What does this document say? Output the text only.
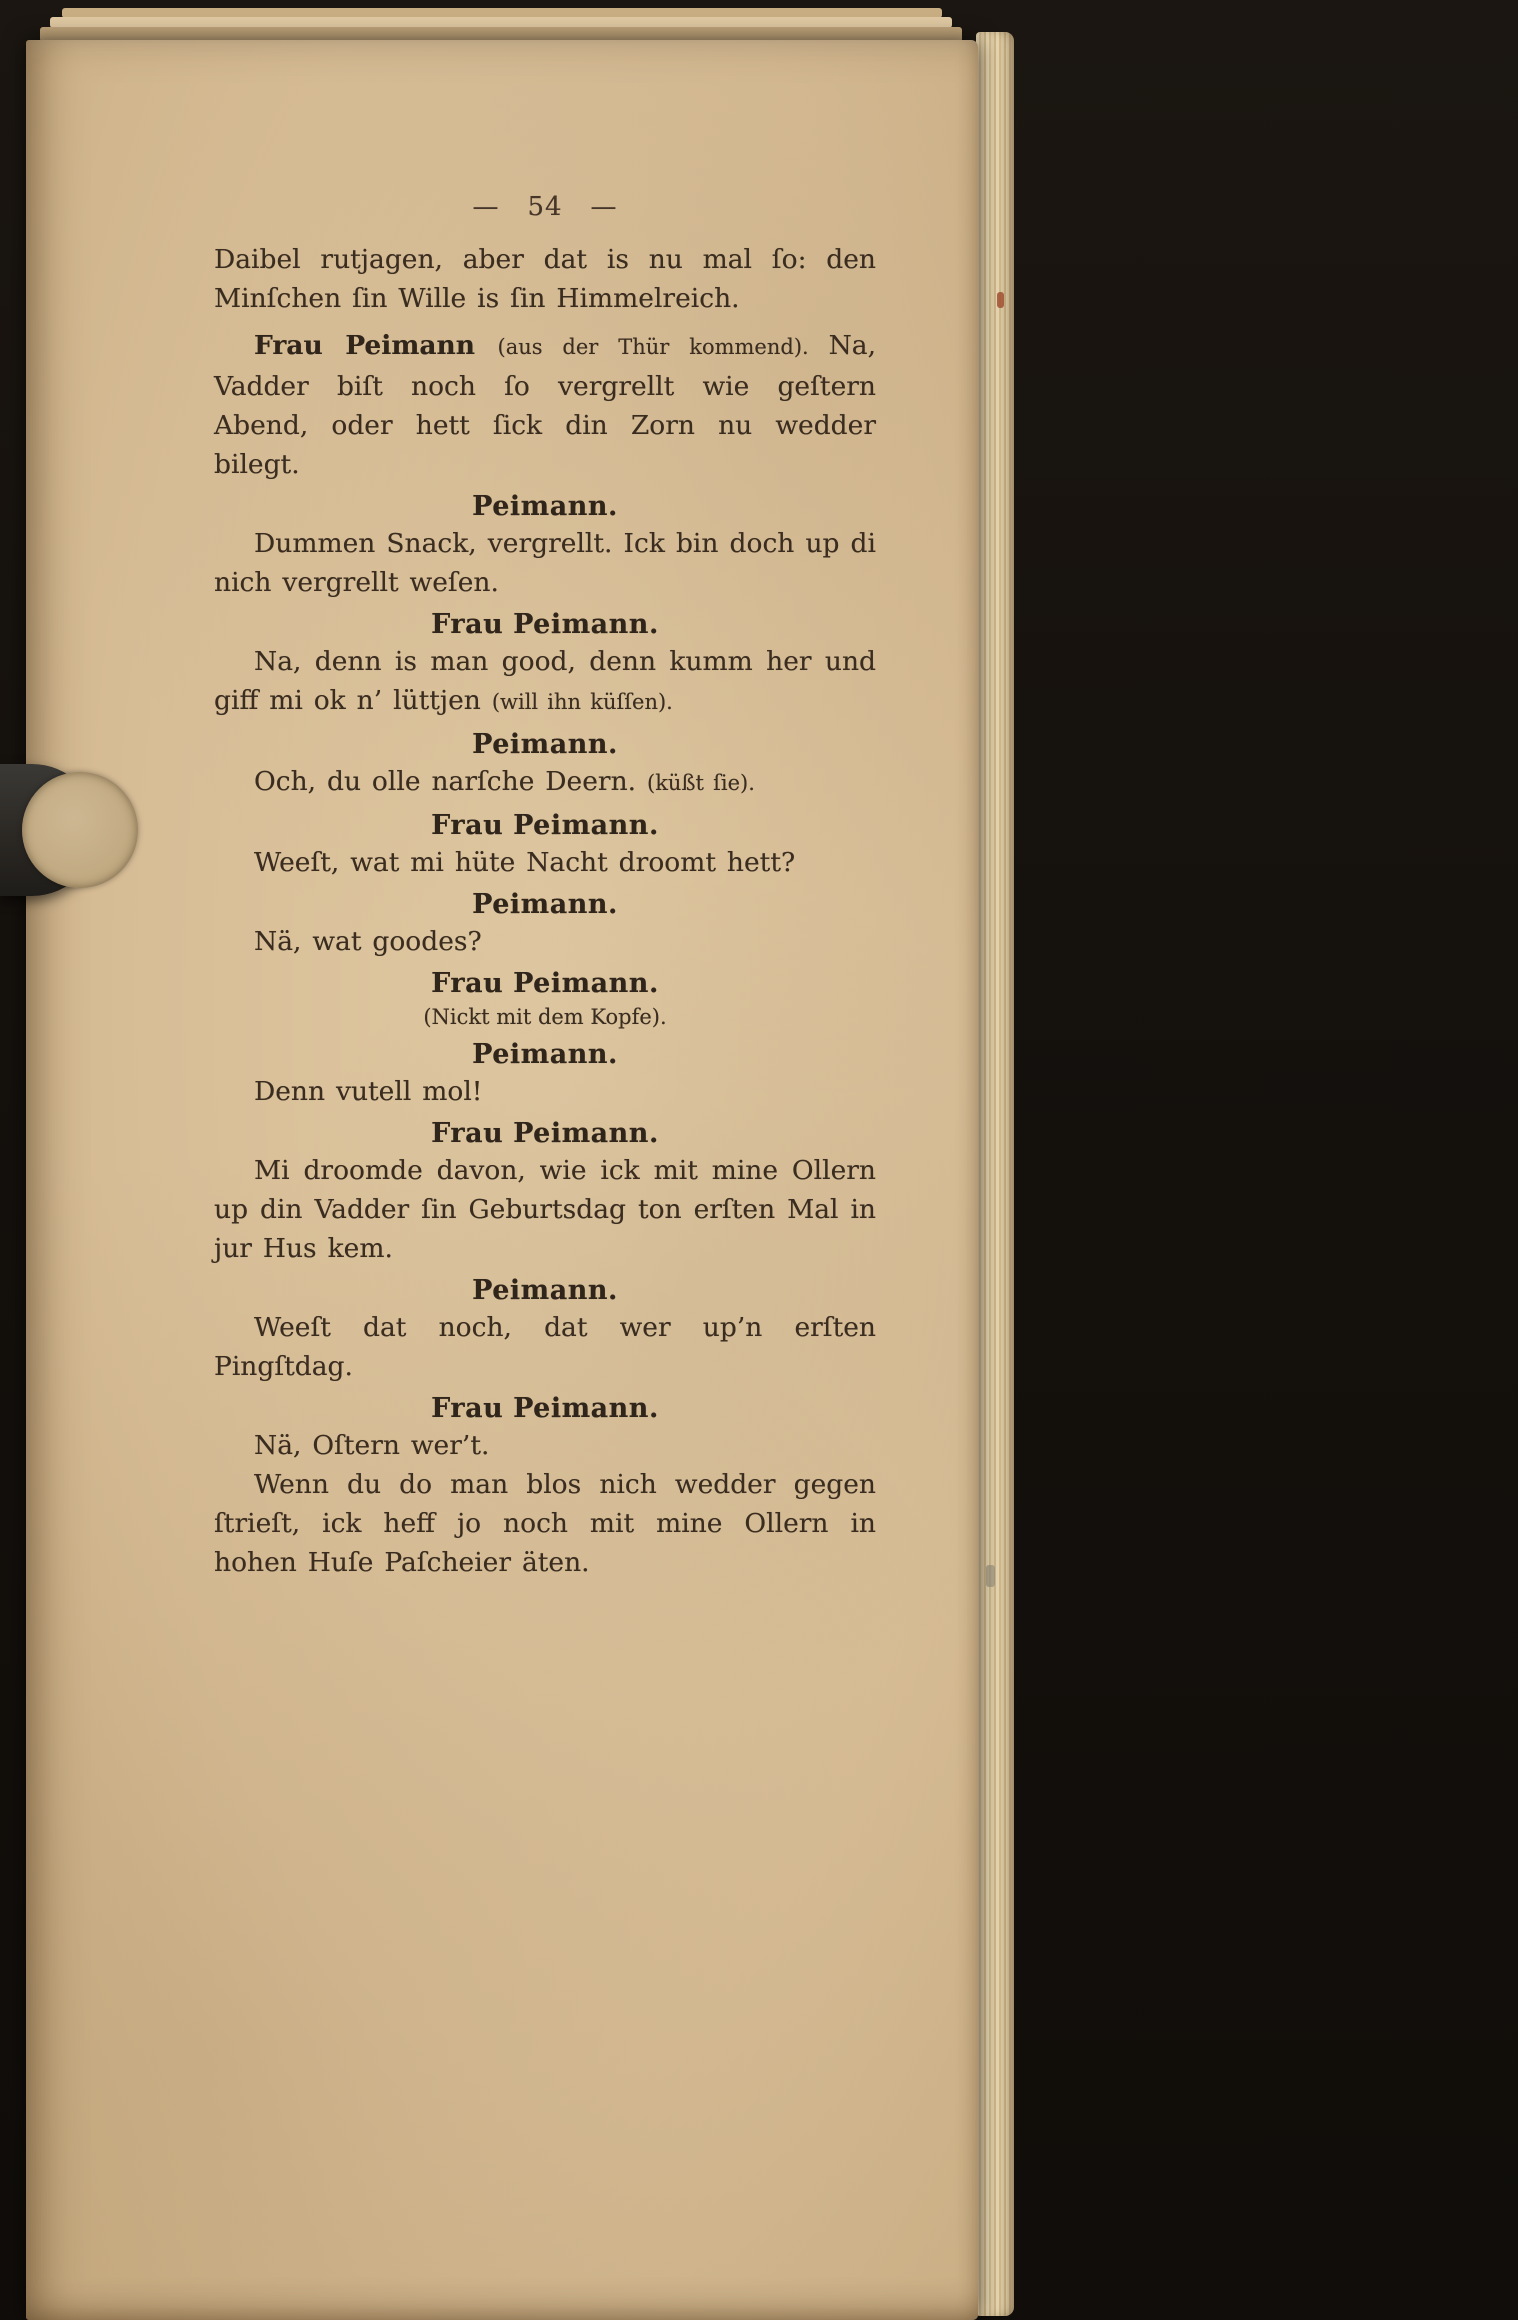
— 54 —

Daibel rutjagen, aber dat is nu mal ſo: den Minſchen ſin Wille is ſin Himmelreich.

Frau Peimann (aus der Thür kommend). Na, Vadder biſt noch ſo vergrellt wie geſtern Abend, oder hett ſick din Zorn nu wedder bilegt.

Peimann.

Dummen Snack, vergrellt. Ick bin doch up di nich vergrellt weſen.

Frau Peimann.

Na, denn is man good, denn kumm her und giff mi ok n’ lüttjen (will ihn küſſen).

Peimann.

Och, du olle narſche Deern. (küßt ſie).

Frau Peimann.

Weeſt, wat mi hüte Nacht droomt hett?

Peimann.

Nä, wat goodes?

Frau Peimann.

(Nickt mit dem Kopfe).

Peimann.

Denn vutell mol!

Frau Peimann.

Mi droomde davon, wie ick mit mine Ollern up din Vadder ſin Geburtsdag ton erſten Mal in jur Hus kem.

Peimann.

Weeſt dat noch, dat wer up’n erſten Pingſtdag.

Frau Peimann.

Nä, Oſtern wer’t.

Wenn du do man blos nich wedder gegen ſtrieſt, ick heff jo noch mit mine Ollern in hohen Huſe Paſcheier äten.
